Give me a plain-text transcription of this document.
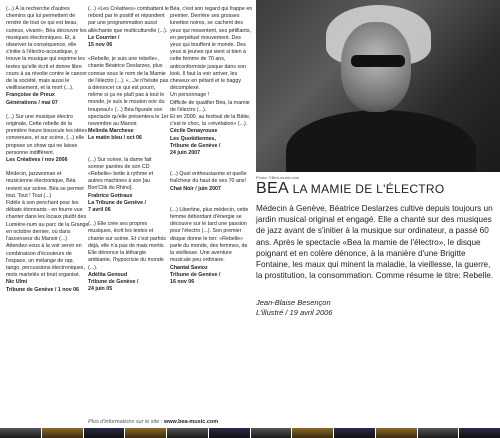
(...) À la recherche d'autres chemins qui lui permettent de rendre de tout ce qui est beau, curieux, vivant», Béa découvre les musiques électroniques. Et, à observer la conséquence, elle s'initie à l'électro-acoustique, y trouve la musique qui exprime les textes qu'elle écrit et donne libre cours à sa révolte contre le cancer de la société, mais aussi le vieillissement, et la mort (...).
Françoise de Preux
Générations / mai 07

(...) Sur une musique électro originale, Cette rebelle de la première heure bouscule les idées convenues, et sur scène, (...) elle propose un show qui ne laisse personne indifférent.
Les Créatives / nov 2006

Médecin, jazzwoman et musicienne électronique, Béa revient sur scène. Béa se permet tout. Tout ! Tout (...)
Fidèle à son penchant pour les débats étonnants - en fourre vue chanter dans les locaux plutôt des Lumière-num au parc de la Grange en octobre dernier, où dans l'ascenseur du Manoir (...)
Attendez-vous à la voir servir en combinaison d'écouteurs de l'espace, un mélange de rap, tango, percussions électroniques, mots martelés et bruit organisé.
Nic Ulmi
Tribune de Genève / 1 nov 06

(...) «Les Créatives» combattent le rebord par le positif et répondent par une programmation aussi alléchante que multiculturelle (...).
Le Courrier /
15 nov 06

«Rebelle, je suis une rebelle», chante Béatrice Deslarzes, plus connue sous le nom de la Mamie de l'électro (...). «...Je n'hésite pas à dénoncer ce qui est pourri, même si ça ne plaît pas à tout le monde, je suis le mouton noir du troupeau!» (...) Béa figurale son spectacle qu'elle présentera le 1er novembre au Manoir.
Melinda Marchese
Le matin bleu / oct 06

(...) Sur scène, la dame fait sonner paroles de son CD «Rebelle» botte à rythme et autres machines à son [au Bon'Clik du Rhino].
Frabrice Gottraux
La Tribune de Genève /
7 avril 06

(...) Elle crée ses propres musiques, écrit les textes et chante sur scène. Et c'est parfois déjà, elle n'a pas de mais mortis. Elle dénonce la léthargie ambiante, l'hypocrisie du monde (...).
Adélita Genoud
Tribune de Genève /
24 juin 05

Béa, c'est son regard qui frappe en premier. Derrière ses grosses lunettes noires, se cachent des yeux qui ressentent, ses pétillants, en perpétuel mouvement. Des yeux qui bouffent le monde. Des yeux si jeunes qui vient si bien à cette femme de 70 ans, anticonformiste jusque dans son look. Il faut la voir arriver, les cheveux en pétard et le baggy décomplexé.
Un personnage !
Difficile de qualifier Béa, la mamie de l'électro (...).
Et en 2000, au festival de la Bâtie, c'est le choc, la «révélation» (...).
Cécile Denayrouse
Les Quotidiennes,
Tribune de Genève /
24 juin 2007

(...) Quel enthousiasme et quelle fraîcheur du haut de ses 70 ans!
Chat Noir / juin 2007

(...) Libertine, plus médecin, cette femme débordant d'énergie se découvre sur le tard une passion pour l'électro (...). Son premier disque donne le ton: «Rebelle» parle du monde, des femmes, de la vieillesse. Une aventure musicale peu ordinaire.
Chantal Savioz
Tribune de Genève /
16 nov 06

Photo: ©Bea-music.com
BEA LA MAMIE DE L'ÉLECTRO
Médecin à Genève, Béatrice Deslarzes cultive depuis toujours un jardin musical original et engagé. Elle a chanté sur des musiques de jazz avant de s'initier à la musique sur ordinateur, a passé 60 ans. Après le spectacle «Bea la mamie de l'électro», le disque poignant et en colère dénonce, à la manière d'une Brigitte Fontaine, les maux qui minent la maladie, la vieillesse, la guerre, la prostitution, la consommation. Comme résume le titre: Rebelle.
Jean-Blaise Besençon
L'illustré / 19 avril 2006
Plus d'informations sur le site : www.bea-music.com
